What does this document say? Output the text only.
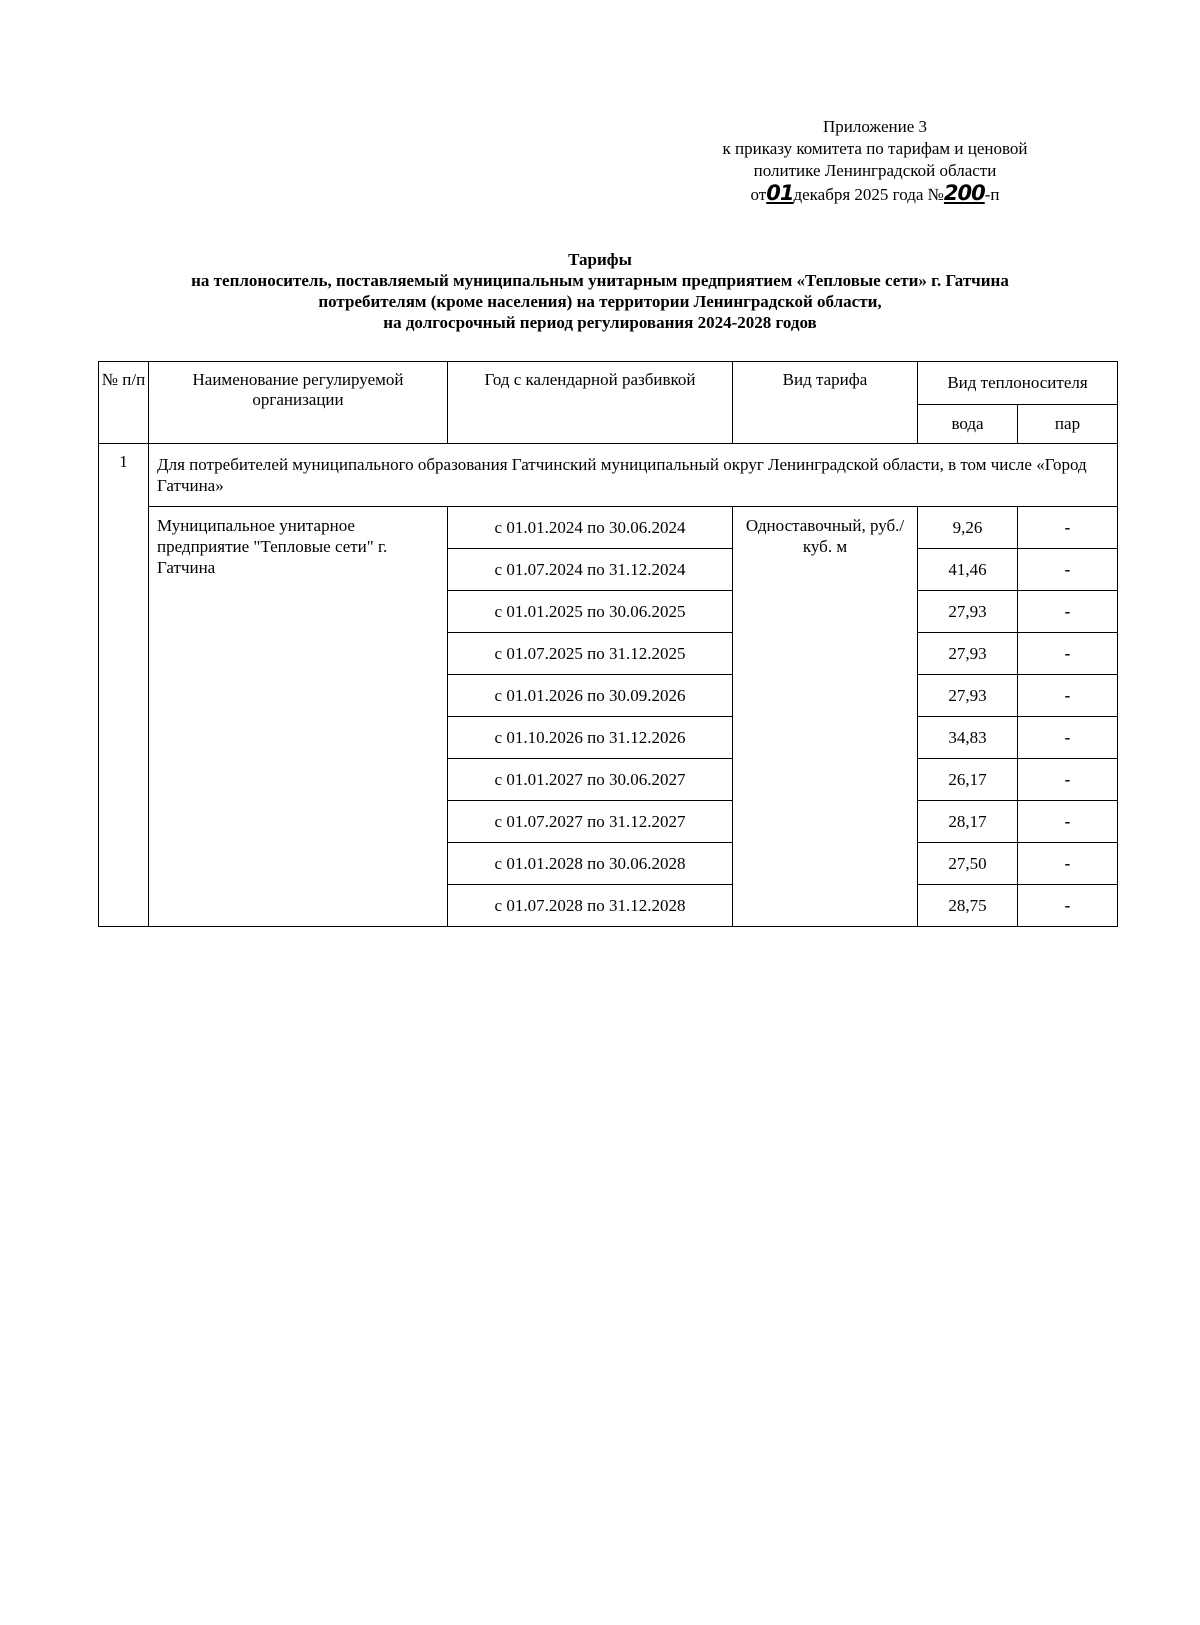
Приложение 3
к приказу комитета по тарифам и ценовой
политике Ленинградской области
от01декабря 2025 года №200-п
Тарифы
на теплоноситель, поставляемый муниципальным унитарным предприятием «Тепловые сети» г. Гатчина
потребителям (кроме населения) на территории Ленинградской области,
на долгосрочный период регулирования 2024-2028 годов
№ п/п	Наименование регулируемой организации	Год с календарной разбивкой	Вид тарифа	Вид теплоносителя	
				вода	пар
1	Для потребителей муниципального образования Гатчинский муниципальный округ Ленинградской области, в том числе «Город Гатчина»				
	Муниципальное унитарное предприятие "Тепловые сети" г. Гатчина	с 01.01.2024 по 30.06.2024	Одноставочный, руб./куб. м	9,26	-
		с 01.07.2024 по 31.12.2024		41,46	-
		с 01.01.2025 по 30.06.2025		27,93	-
		с 01.07.2025 по 31.12.2025		27,93	-
		с 01.01.2026 по 30.09.2026		27,93	-
		с 01.10.2026 по 31.12.2026		34,83	-
		с 01.01.2027 по 30.06.2027		26,17	-
		с 01.07.2027 по 31.12.2027		28,17	-
		с 01.01.2028 по 30.06.2028		27,50	-
		с 01.07.2028 по 31.12.2028		28,75	-
